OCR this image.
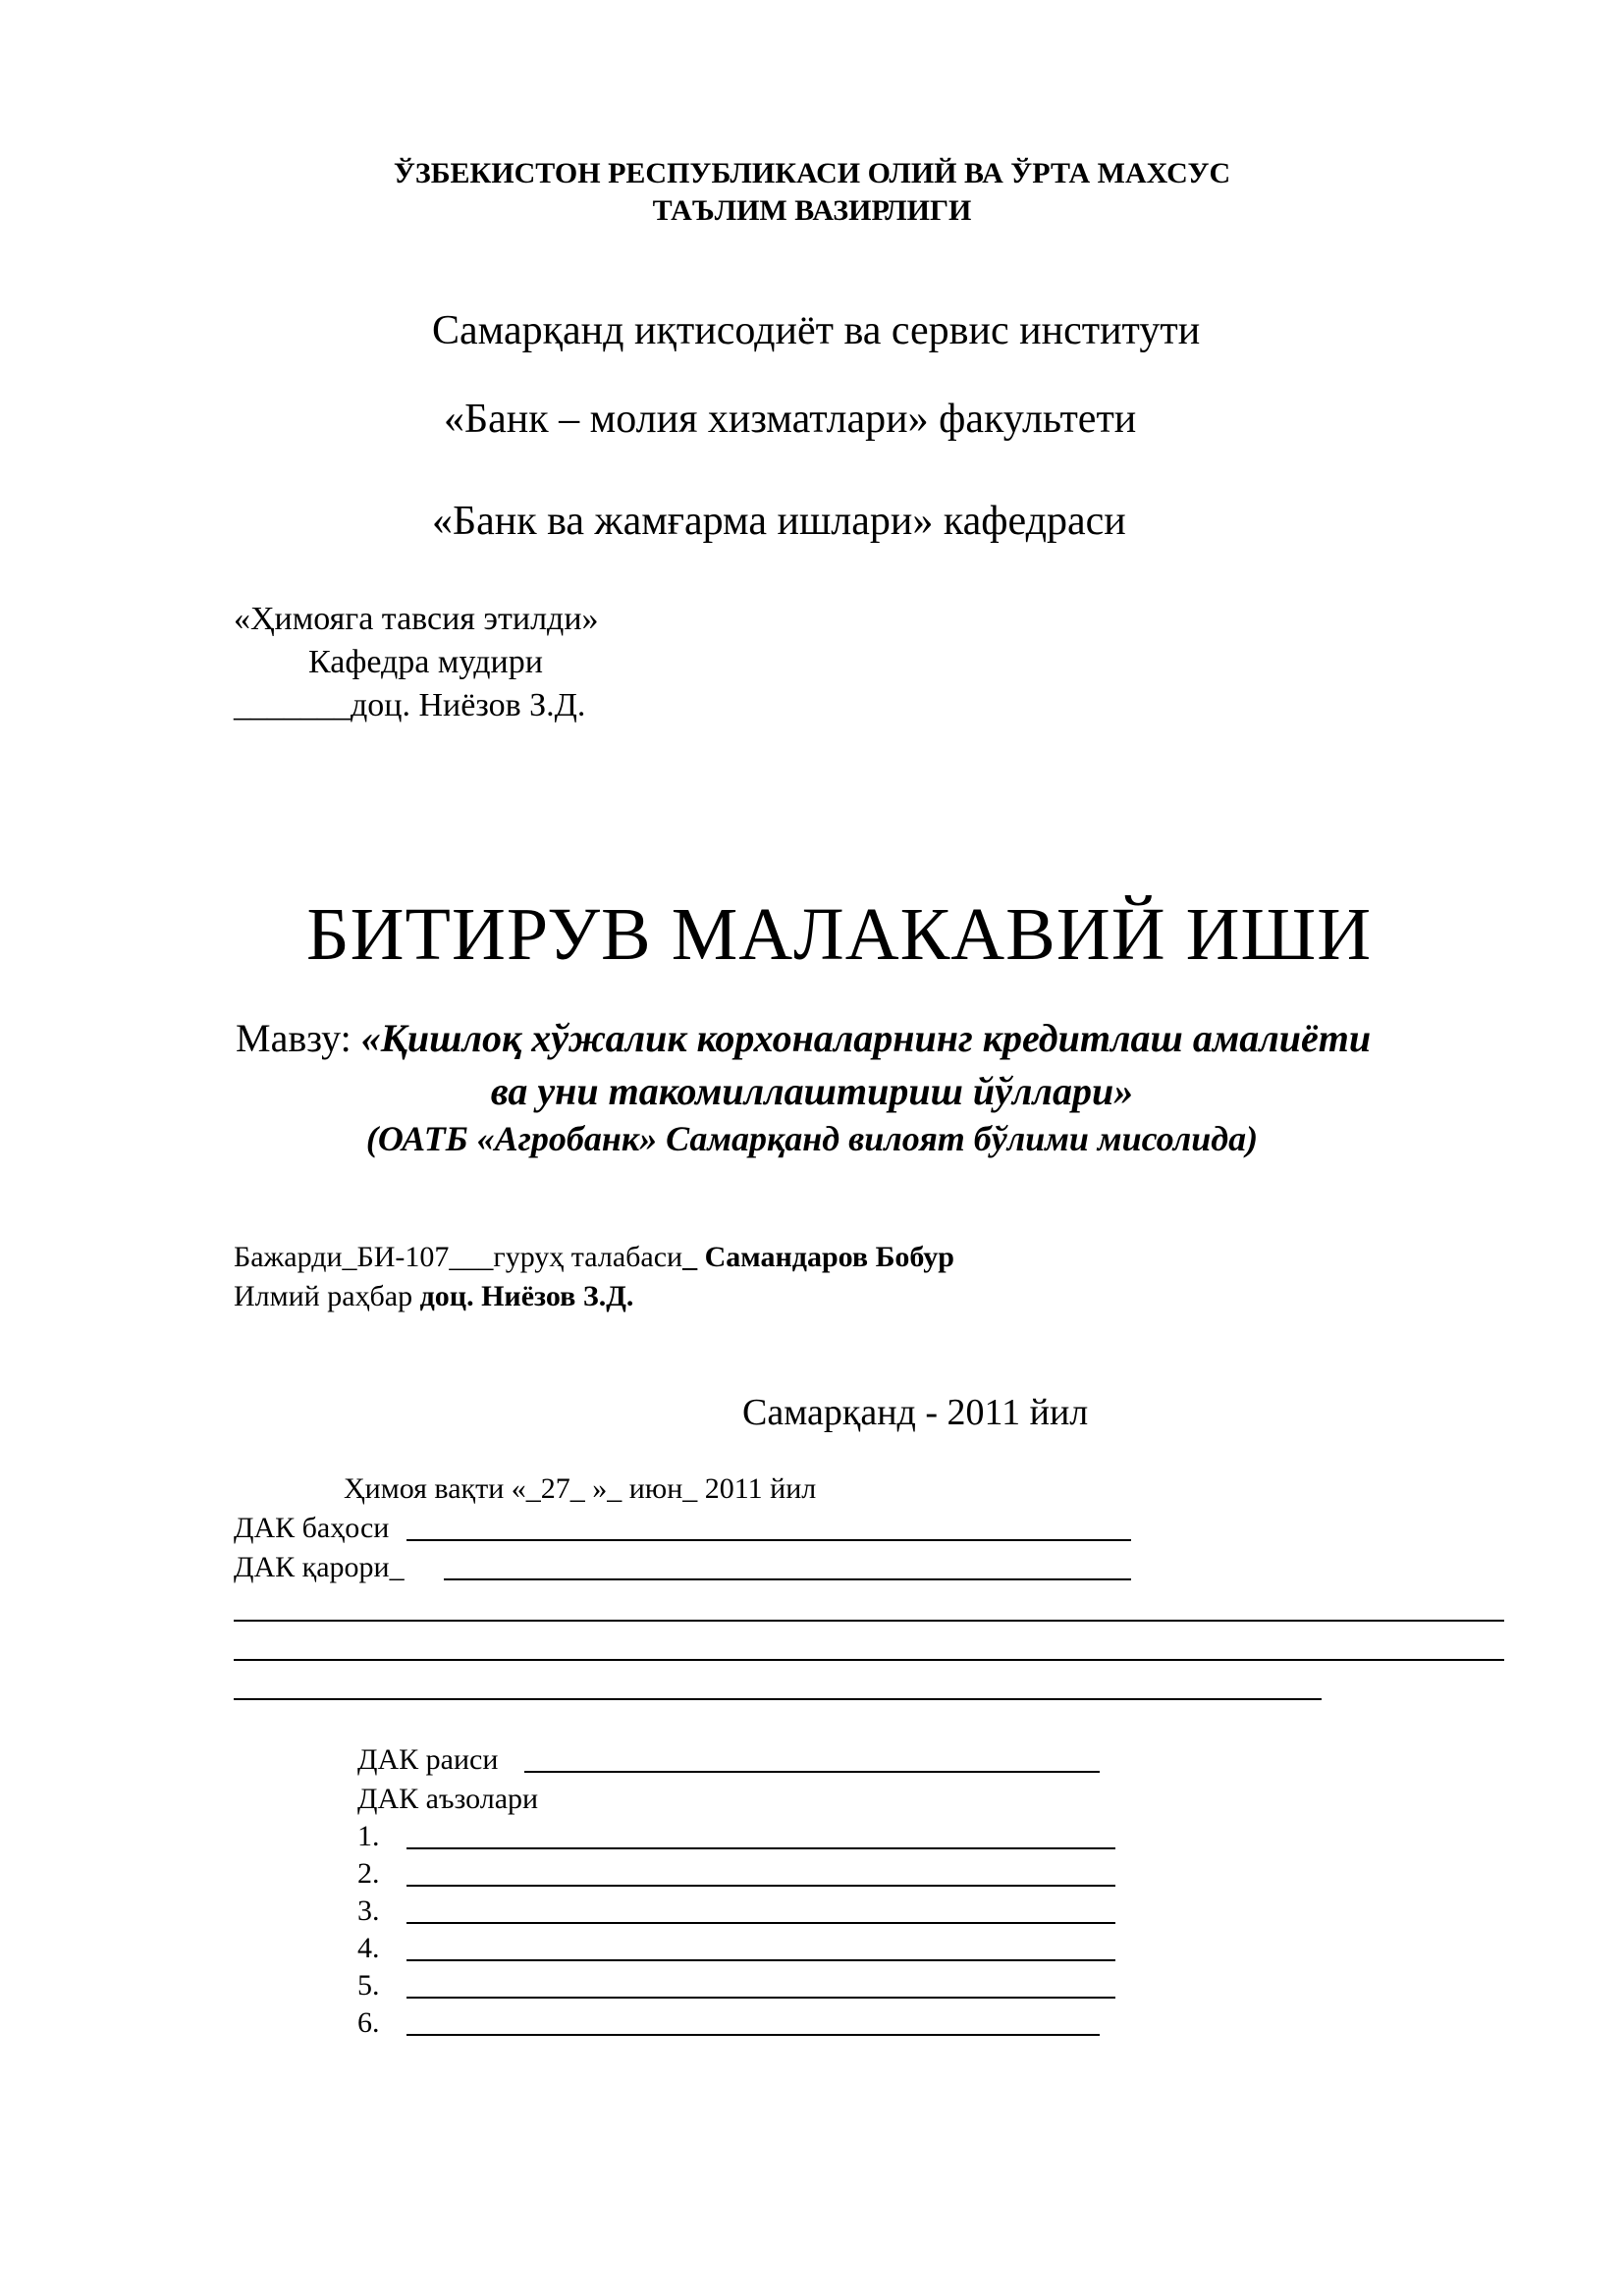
ЎЗБЕКИСТОН РЕСПУБЛИКАСИ ОЛИЙ ВА ЎРТА МАХСУС
ТАЪЛИМ ВАЗИРЛИГИ
Самарқанд иқтисодиёт ва сервис институти
«Банк – молия хизматлари» факультети
«Банк ва жамғарма ишлари» кафедраси
«Ҳимояга тавсия этилди»
Кафедра мудири
_______доц. Ниёзов З.Д.
БИТИРУВ МАЛАКАВИЙ ИШИ
Мавзу: «Қишлоқ хўжалик корхоналарнинг кредитлаш амалиёти
ва уни такомиллаштириш йўллари»
(ОАТБ «Агробанк» Самарқанд вилоят бўлими мисолида)
Бажарди_БИ-107___гуруҳ талабаси_ Самандаров Бобур
Илмий раҳбар доц. Ниёзов З.Д.
Самарқанд - 2011 йил
Ҳимоя вақти «_27_ »_ июн_ 2011 йил
ДАК баҳоси
ДАК қарори_
ДАК раиси
ДАК аъзолари
1.
2.
3.
4.
5.
6.
